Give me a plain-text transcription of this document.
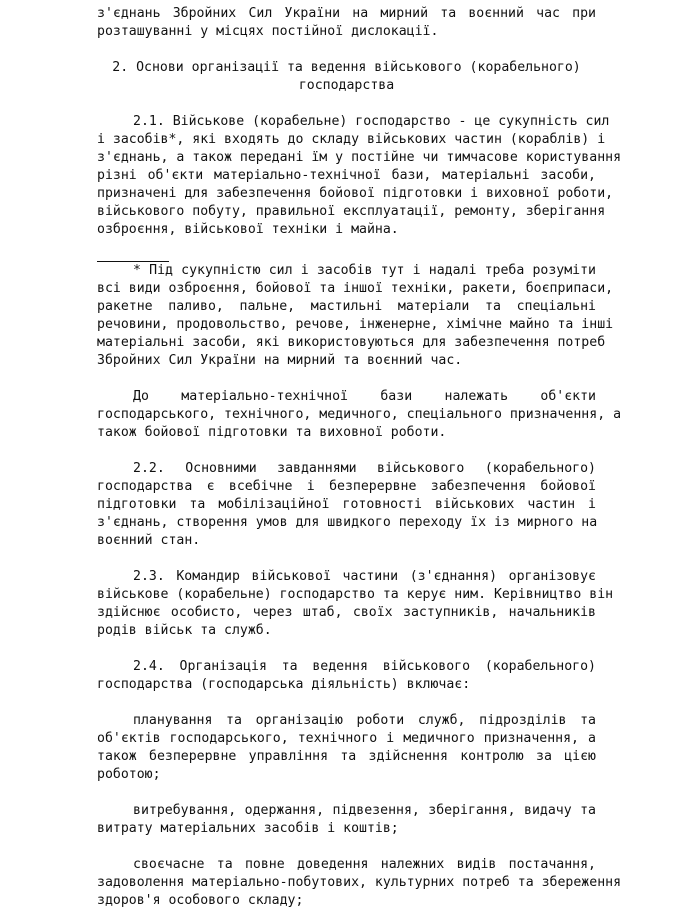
з'єднань Збройних Сил України на мирний та воєнний час при
розташуванні у місцях постійної дислокації.
2. Основи організації та ведення військового (корабельного)
господарства
2.1. Військове (корабельне) господарство - це сукупність сил
і засобів*, які входять до складу військових частин (кораблів) і
з'єднань, а також передані їм у постійне чи тимчасове користування
різні об'єкти матеріально-технічної бази, матеріальні засоби,
призначені для забезпечення бойової підготовки і виховної роботи,
військового побуту, правильної експлуатації, ремонту, зберігання
озброєння, військової техніки і майна.
* Під сукупністю сил і засобів тут і надалі треба розуміти
всі види озброєння, бойової та іншої техніки, ракети, боєприпаси,
ракетне паливо, пальне, мастильні матеріали та спеціальні
речовини, продовольство, речове, інженерне, хімічне майно та інші
матеріальні засоби, які використовуються для забезпечення потреб
Збройних Сил України на мирний та воєнний час.
До матеріально-технічної бази належать об'єкти
господарського, технічного, медичного, спеціального призначення, а
також бойової підготовки та виховної роботи.
2.2. Основними завданнями військового (корабельного)
господарства є всебічне і безперервне забезпечення бойової
підготовки та мобілізаційної готовності військових частин і
з'єднань, створення умов для швидкого переходу їх із мирного на
воєнний стан.
2.3. Командир військової частини (з'єднання) організовує
військове (корабельне) господарство та керує ним. Керівництво він
здійснює особисто, через штаб, своїх заступників, начальників
родів військ та служб.
2.4. Організація та ведення військового (корабельного)
господарства (господарська діяльність) включає:
планування та організацію роботи служб, підрозділів та
об'єктів господарського, технічного і медичного призначення, а
також безперервне управління та здійснення контролю за цією
роботою;
витребування, одержання, підвезення, зберігання, видачу та
витрату матеріальних засобів і коштів;
своєчасне та повне доведення належних видів постачання,
задоволення матеріально-побутових, культурних потреб та збереження
здоров'я особового складу;
